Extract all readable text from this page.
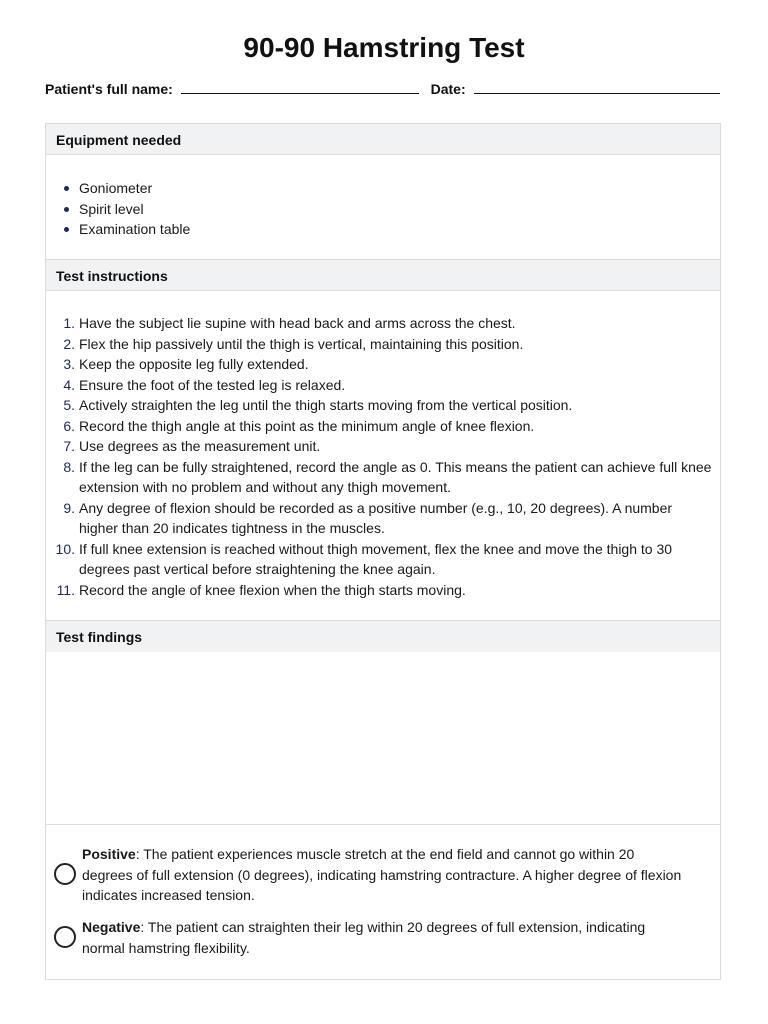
90-90 Hamstring Test
Patient's full name:	Date:
Equipment needed
Goniometer
Spirit level
Examination table
Test instructions
1. Have the subject lie supine with head back and arms across the chest.
2. Flex the hip passively until the thigh is vertical, maintaining this position.
3. Keep the opposite leg fully extended.
4. Ensure the foot of the tested leg is relaxed.
5. Actively straighten the leg until the thigh starts moving from the vertical position.
6. Record the thigh angle at this point as the minimum angle of knee flexion.
7. Use degrees as the measurement unit.
8. If the leg can be fully straightened, record the angle as 0. This means the patient can achieve full knee extension with no problem and without any thigh movement.
9. Any degree of flexion should be recorded as a positive number (e.g., 10, 20 degrees). A number higher than 20 indicates tightness in the muscles.
10. If full knee extension is reached without thigh movement, flex the knee and move the thigh to 30 degrees past vertical before straightening the knee again.
11. Record the angle of knee flexion when the thigh starts moving.
Test findings
Positive: The patient experiences muscle stretch at the end field and cannot go within 20 degrees of full extension (0 degrees), indicating hamstring contracture. A higher degree of flexion indicates increased tension.
Negative: The patient can straighten their leg within 20 degrees of full extension, indicating normal hamstring flexibility.
